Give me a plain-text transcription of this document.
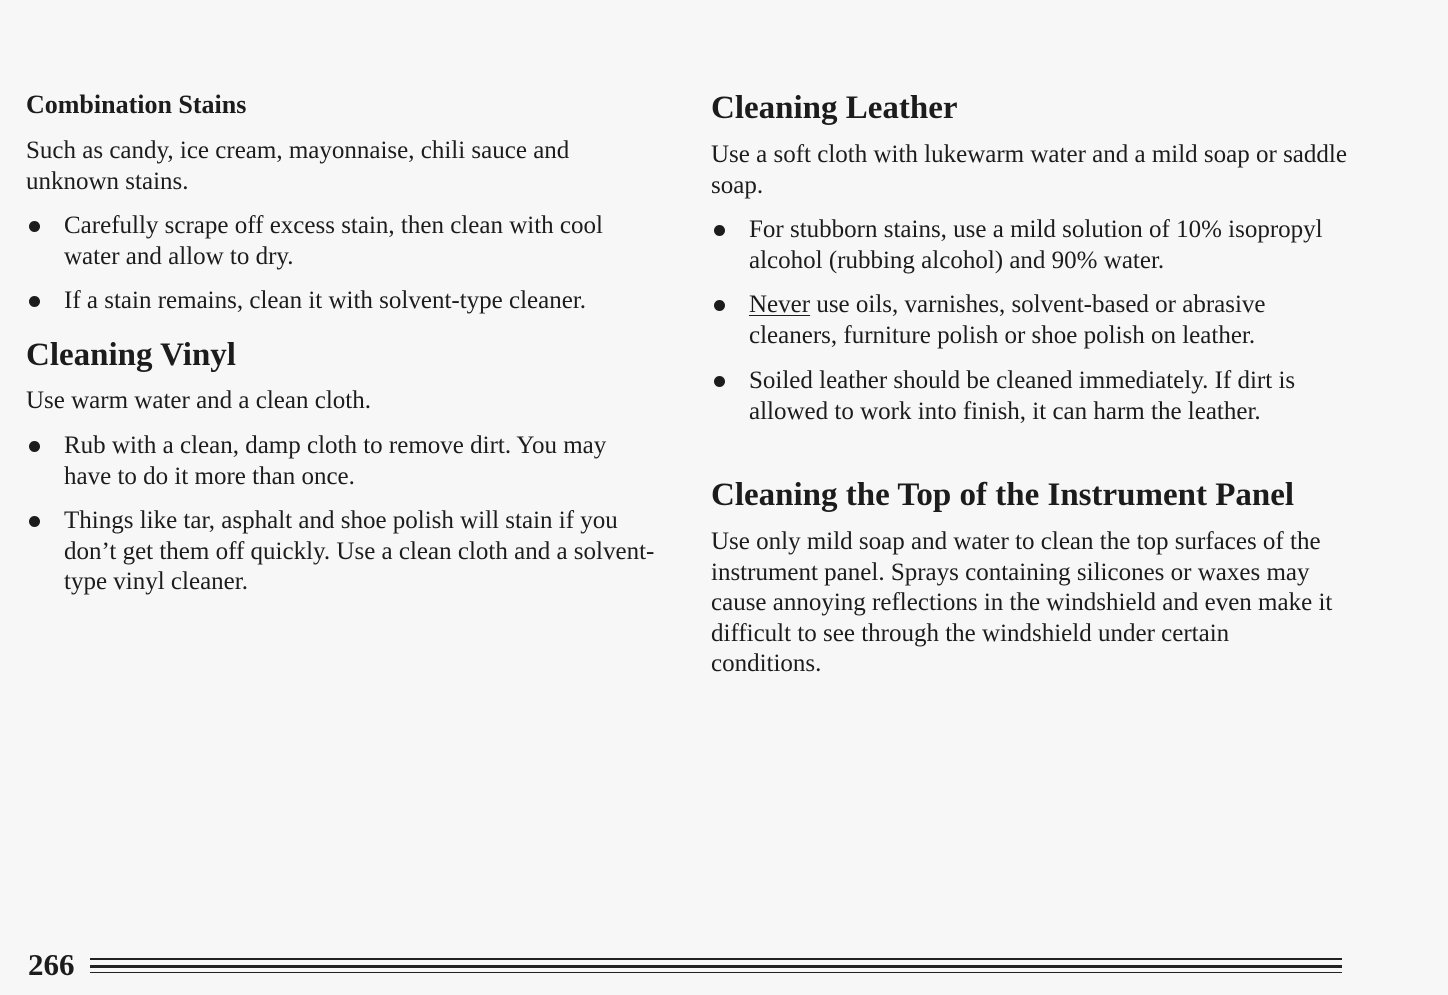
Combination Stains
Such as candy, ice cream, mayonnaise, chili sauce and unknown stains.
Carefully scrape off excess stain, then clean with cool water and allow to dry.
If a stain remains, clean it with solvent-type cleaner.
Cleaning Vinyl
Use warm water and a clean cloth.
Rub with a clean, damp cloth to remove dirt. You may have to do it more than once.
Things like tar, asphalt and shoe polish will stain if you don’t get them off quickly. Use a clean cloth and a solvent-type vinyl cleaner.
Cleaning Leather
Use a soft cloth with lukewarm water and a mild soap or saddle soap.
For stubborn stains, use a mild solution of 10% isopropyl alcohol (rubbing alcohol) and 90% water.
Never use oils, varnishes, solvent-based or abrasive cleaners, furniture polish or shoe polish on leather.
Soiled leather should be cleaned immediately. If dirt is allowed to work into finish, it can harm the leather.
Cleaning the Top of the Instrument Panel
Use only mild soap and water to clean the top surfaces of the instrument panel. Sprays containing silicones or waxes may cause annoying reflections in the windshield and even make it difficult to see through the windshield under certain conditions.
266
